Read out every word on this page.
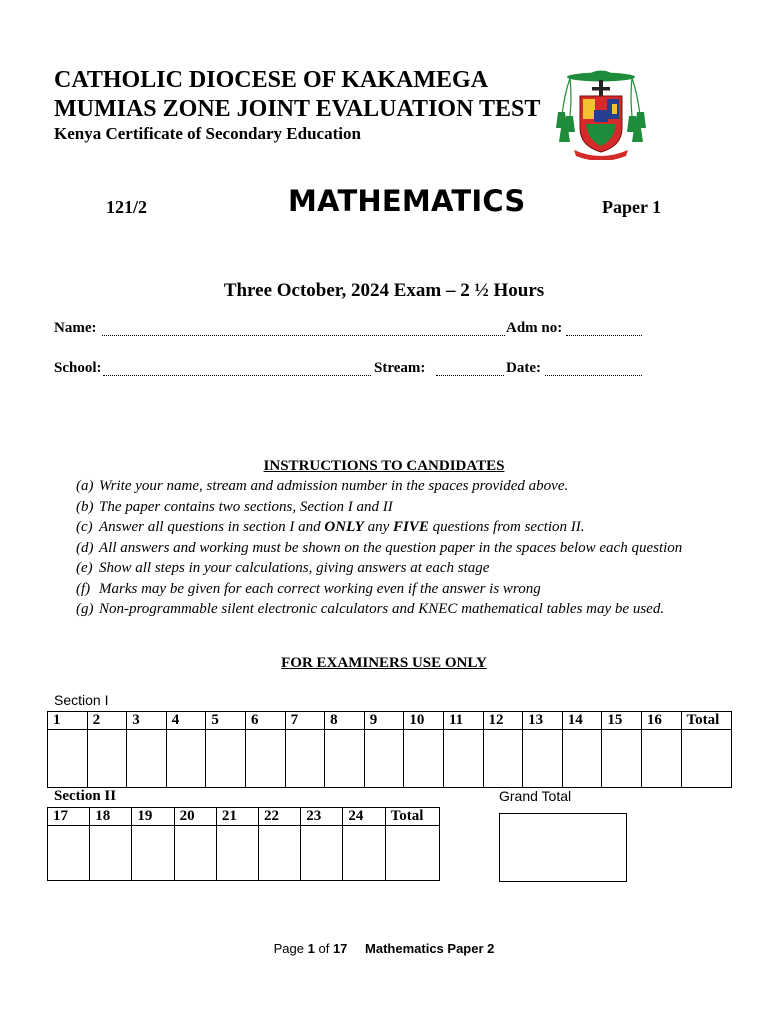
CATHOLIC DIOCESE OF KAKAMEGA
MUMIAS ZONE JOINT EVALUATION TEST
Kenya Certificate of Secondary Education
121/2	MATHEMATICS	Paper 1
Three October, 2024 Exam – 2 ½ Hours
Name:	Adm no:
School:	Stream:	Date:
INSTRUCTIONS TO CANDIDATES
(a) Write your name, stream and admission number in the spaces provided above.
(b) The paper contains two sections, Section I and II
(c) Answer all questions in section I and ONLY any FIVE questions from section II.
(d) All answers and working must be shown on the question paper in the spaces below each question
(e) Show all steps in your calculations, giving answers at each stage
(f) Marks may be given for each correct working even if the answer is wrong
(g) Non-programmable silent electronic calculators and KNEC mathematical tables may be used.
FOR EXAMINERS USE ONLY
Section I
1	2	3	4	5	6	7	8	9	10	11	12	13	14	15	16	Total

Section II	Grand Total
17	18	19	20	21	22	23	24	Total

Page 1 of 17 Mathematics Paper 2
